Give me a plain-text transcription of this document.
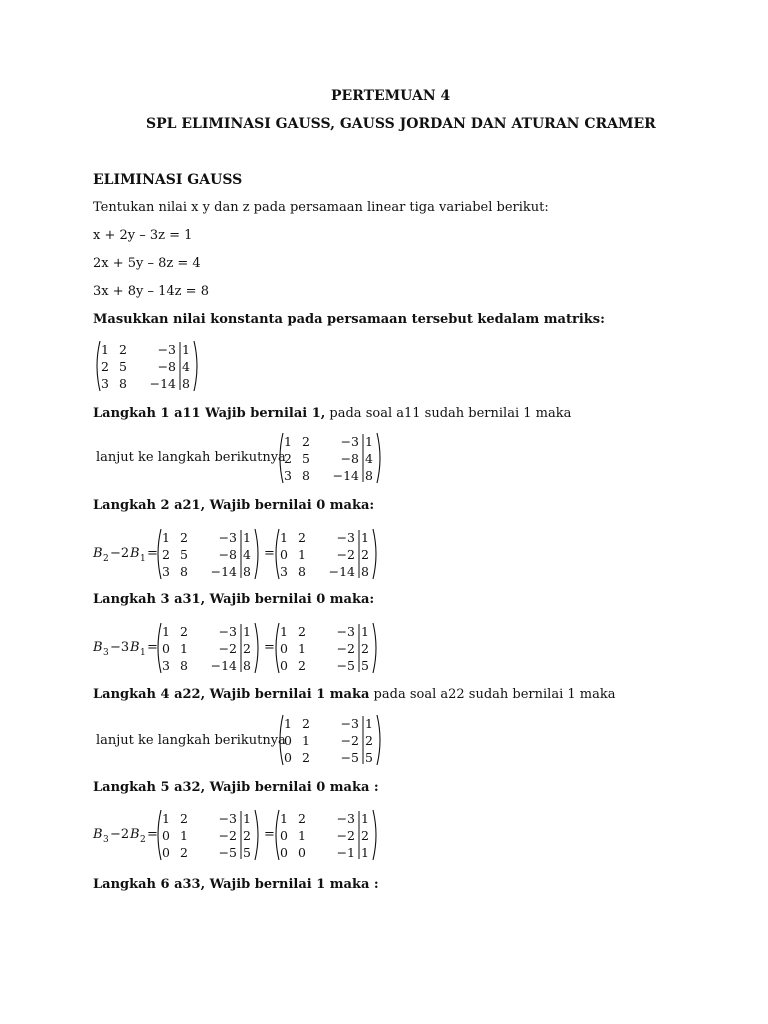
PERTEMUAN 4
SPL ELIMINASI GAUSS, GAUSS JORDAN DAN ATURAN CRAMER
ELIMINASI GAUSS
Tentukan nilai x y dan z pada persamaan linear tiga variabel berikut:
x + 2y – 3z = 1
2x + 5y – 8z = 4
3x + 8y – 14z = 8
Masukkan nilai konstanta pada persamaan tersebut kedalam matriks:
1 2 −3 1
2 5 −8 4
3 8 −14 8
Langkah 1 a11 Wajib bernilai 1, pada soal a11 sudah bernilai 1 maka
lanjut ke langkah berikutnya
1 2 −3 1
2 5 −8 4
3 8 −14 8
Langkah 2 a21, Wajib bernilai 0 maka:
B 2 −2 B 1 =	=
1 2 −3 1
2 5 −8 4
3 8 −14 8
1 2 −3 1
0 1 −2 2
3 8 −14 8
Langkah 3 a31, Wajib bernilai 0 maka:
B 3 −3 B 1 =	=
1 2 −3 1
0 1 −2 2
3 8 −14 8
1 2 −3 1
0 1 −2 2
0 2 −5 5
Langkah 4 a22, Wajib bernilai 1 maka pada soal a22 sudah bernilai 1 maka
lanjut ke langkah berikutnya
1 2 −3 1
0 1 −2 2
0 2 −5 5
Langkah 5 a32, Wajib bernilai 0 maka :
B 3 −2 B 2 =	=
1 2 −3 1
0 1 −2 2
0 2 −5 5
1 2 −3 1
0 1 −2 2
0 0 −1 1
Langkah 6 a33, Wajib bernilai 1 maka :
